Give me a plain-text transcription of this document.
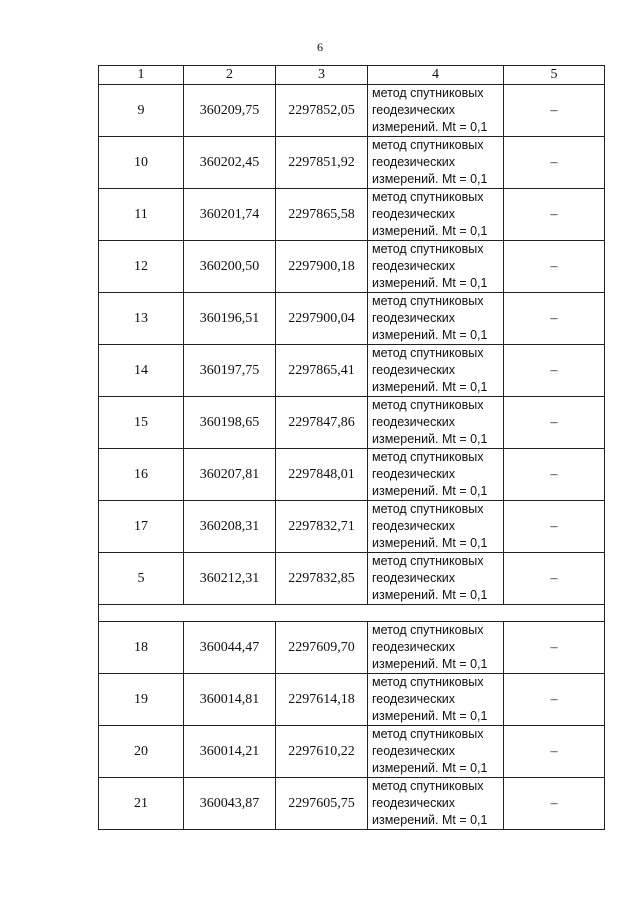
6
1	2	3	4	5
9	360209,75	2297852,05	метод спутниковых
геодезических
измерений. Mt = 0,1	–
10	360202,45	2297851,92	метод спутниковых
геодезических
измерений. Mt = 0,1	–
11	360201,74	2297865,58	метод спутниковых
геодезических
измерений. Mt = 0,1	–
12	360200,50	2297900,18	метод спутниковых
геодезических
измерений. Mt = 0,1	–
13	360196,51	2297900,04	метод спутниковых
геодезических
измерений. Mt = 0,1	–
14	360197,75	2297865,41	метод спутниковых
геодезических
измерений. Mt = 0,1	–
15	360198,65	2297847,86	метод спутниковых
геодезических
измерений. Mt = 0,1	–
16	360207,81	2297848,01	метод спутниковых
геодезических
измерений. Mt = 0,1	–
17	360208,31	2297832,71	метод спутниковых
геодезических
измерений. Mt = 0,1	–
5	360212,31	2297832,85	метод спутниковых
геодезических
измерений. Mt = 0,1	–

18	360044,47	2297609,70	метод спутниковых
геодезических
измерений. Mt = 0,1	–
19	360014,81	2297614,18	метод спутниковых
геодезических
измерений. Mt = 0,1	–
20	360014,21	2297610,22	метод спутниковых
геодезических
измерений. Mt = 0,1	–
21	360043,87	2297605,75	метод спутниковых
геодезических
измерений. Mt = 0,1	–
